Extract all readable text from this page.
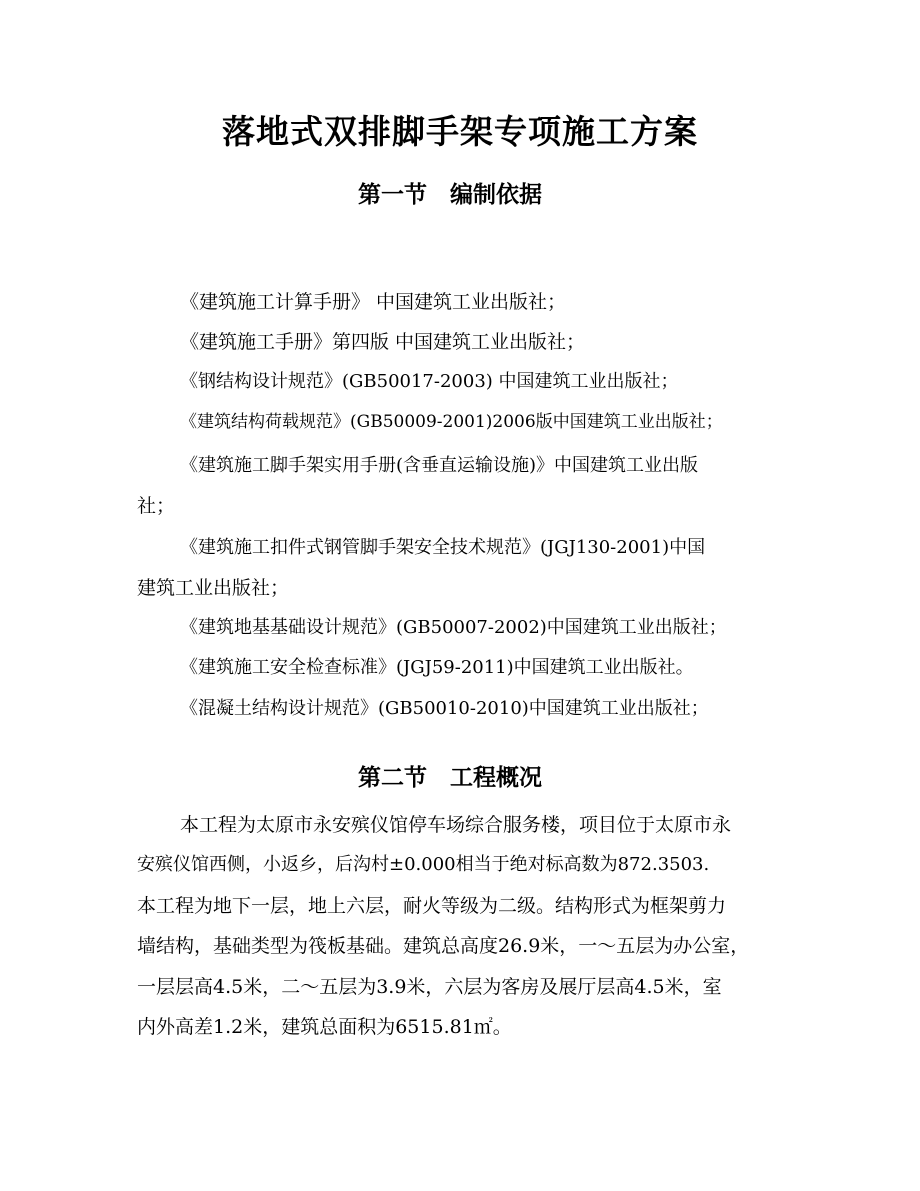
落地式双排脚手架专项施工方案
第一节　编制依据
《建筑施工计算手册》 中国建筑工业出版社；
《建筑施工手册》第四版 中国建筑工业出版社；
《钢结构设计规范》(GB50017-2003) 中国建筑工业出版社；
《建筑结构荷载规范》(GB50009-2001)2006版中国建筑工业出版社；
《建筑施工脚手架实用手册(含垂直运输设施)》中国建筑工业出版
社；
《建筑施工扣件式钢管脚手架安全技术规范》(JGJ130-2001)中国
建筑工业出版社；
《建筑地基基础设计规范》(GB50007-2002)中国建筑工业出版社；
《建筑施工安全检查标准》(JGJ59-2011)中国建筑工业出版社。
《混凝土结构设计规范》(GB50010-2010)中国建筑工业出版社；
第二节　工程概况
本工程为太原市永安殡仪馆停车场综合服务楼，项目位于太原市永
安殡仪馆西侧，小返乡，后沟村±0.000相当于绝对标高数为872.3503.
本工程为地下一层，地上六层，耐火等级为二级。结构形式为框架剪力
墙结构，基础类型为筏板基础。建筑总高度26.9米，一～五层为办公室，
一层层高4.5米，二～五层为3.9米，六层为客房及展厅层高4.5米，室
内外高差1.2米，建筑总面积为6515.81㎡。
